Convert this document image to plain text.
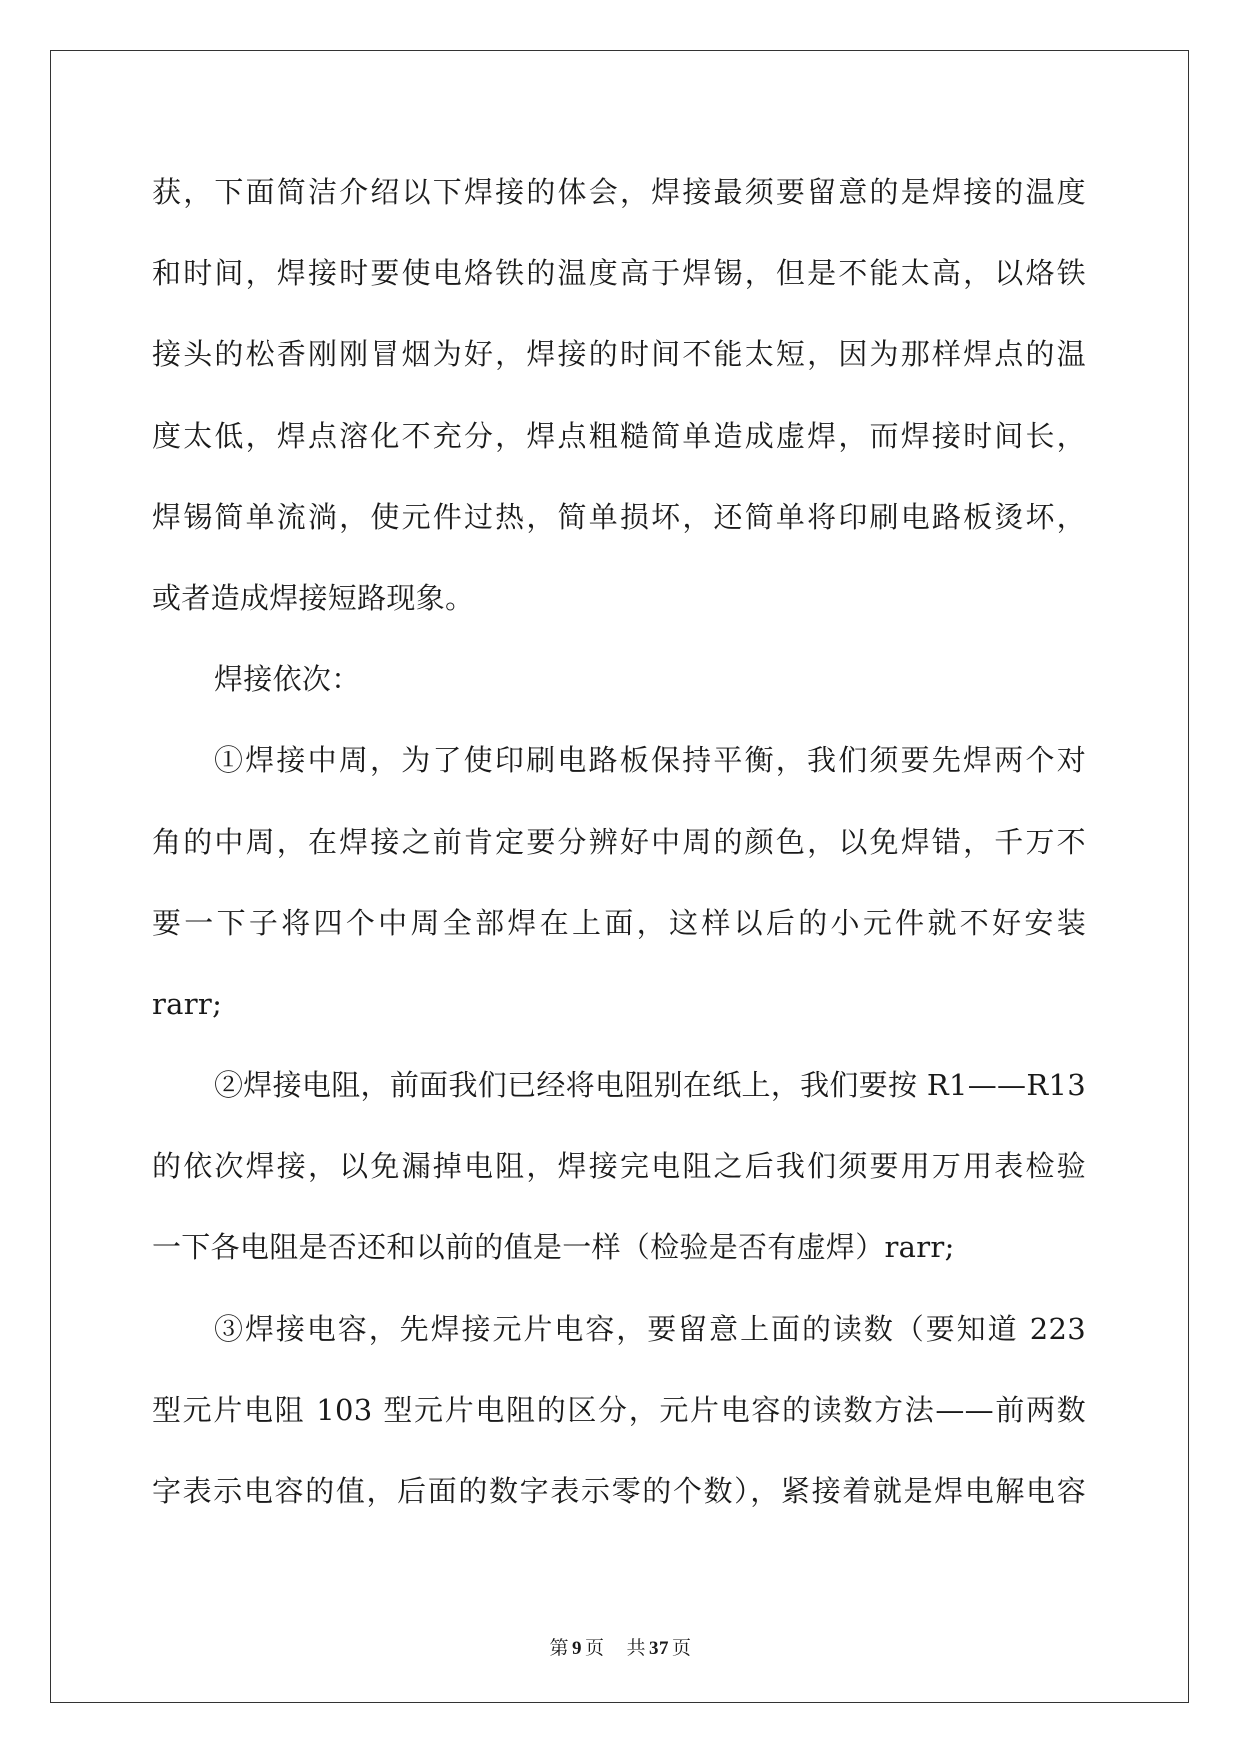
获，下面简洁介绍以下焊接的体会，焊接最须要留意的是焊接的温度
和时间，焊接时要使电烙铁的温度高于焊锡，但是不能太高，以烙铁
接头的松香刚刚冒烟为好，焊接的时间不能太短，因为那样焊点的温
度太低，焊点溶化不充分，焊点粗糙简单造成虚焊，而焊接时间长，
焊锡简单流淌，使元件过热，简单损坏，还简单将印刷电路板烫坏，
或者造成焊接短路现象。
焊接依次：
①焊接中周，为了使印刷电路板保持平衡，我们须要先焊两个对
角的中周，在焊接之前肯定要分辨好中周的颜色，以免焊错，千万不
要一下子将四个中周全部焊在上面，这样以后的小元件就不好安装
rarr;
②焊接电阻，前面我们已经将电阻别在纸上，我们要按 R1——R13
的依次焊接，以免漏掉电阻，焊接完电阻之后我们须要用万用表检验
一下各电阻是否还和以前的值是一样（检验是否有虚焊）rarr;
③焊接电容，先焊接元片电容，要留意上面的读数（要知道 223
型元片电阻 103 型元片电阻的区分，元片电容的读数方法——前两数
字表示电容的值，后面的数字表示零的个数），紧接着就是焊电解电容
第 9 页 共 37 页
